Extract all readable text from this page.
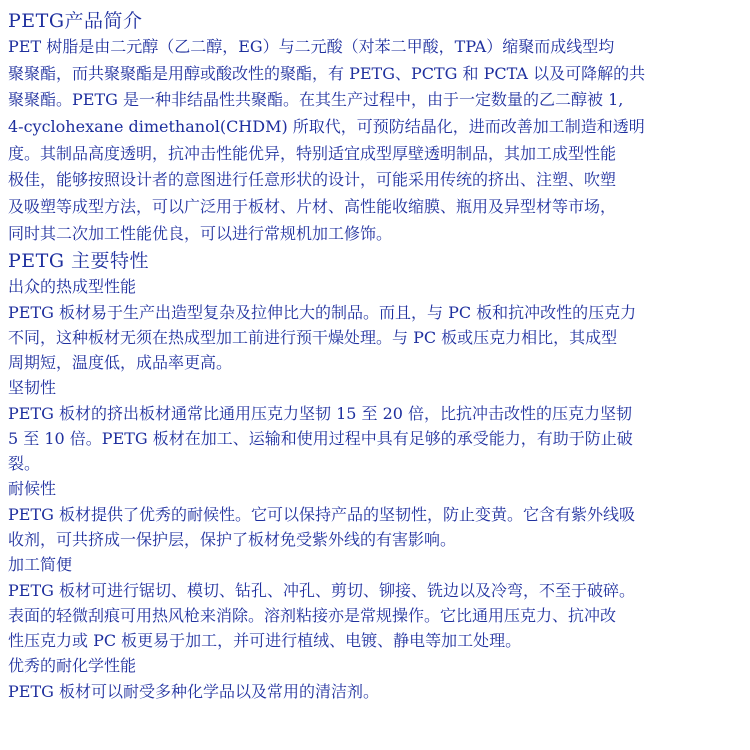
PETG产品简介
PET 树脂是由二元醇（乙二醇，EG）与二元酸（对苯二甲酸，TPA）缩聚而成线型均
聚聚酯，而共聚聚酯是用醇或酸改性的聚酯，有 PETG、PCTG 和 PCTA 以及可降解的共
聚聚酯。PETG 是一种非结晶性共聚酯。在其生产过程中，由于一定数量的乙二醇被 1,
4-cyclohexane dimethanol(CHDM) 所取代，可预防结晶化，进而改善加工制造和透明
度。其制品高度透明，抗冲击性能优异，特别适宜成型厚壁透明制品，其加工成型性能
极佳，能够按照设计者的意图进行任意形状的设计，可能采用传统的挤出、注塑、吹塑
及吸塑等成型方法，可以广泛用于板材、片材、高性能收缩膜、瓶用及异型材等市场，
同时其二次加工性能优良，可以进行常规机加工修饰。
PETG 主要特性
出众的热成型性能
PETG 板材易于生产出造型复杂及拉伸比大的制品。而且，与 PC 板和抗冲改性的压克力
不同，这种板材无须在热成型加工前进行预干燥处理。与 PC 板或压克力相比，其成型
周期短，温度低，成品率更高。
坚韧性
PETG 板材的挤出板材通常比通用压克力坚韧 15 至 20 倍，比抗冲击改性的压克力坚韧
5 至 10 倍。PETG 板材在加工、运输和使用过程中具有足够的承受能力，有助于防止破
裂。
耐候性
PETG 板材提供了优秀的耐候性。它可以保持产品的坚韧性，防止变黄。它含有紫外线吸
收剂，可共挤成一保护层，保护了板材免受紫外线的有害影响。
加工简便
PETG 板材可进行锯切、模切、钻孔、冲孔、剪切、铆接、铣边以及冷弯，不至于破碎。
表面的轻微刮痕可用热风枪来消除。溶剂粘接亦是常规操作。它比通用压克力、抗冲改
性压克力或 PC 板更易于加工，并可进行植绒、电镀、静电等加工处理。
优秀的耐化学性能
PETG 板材可以耐受多种化学品以及常用的清洁剂。
